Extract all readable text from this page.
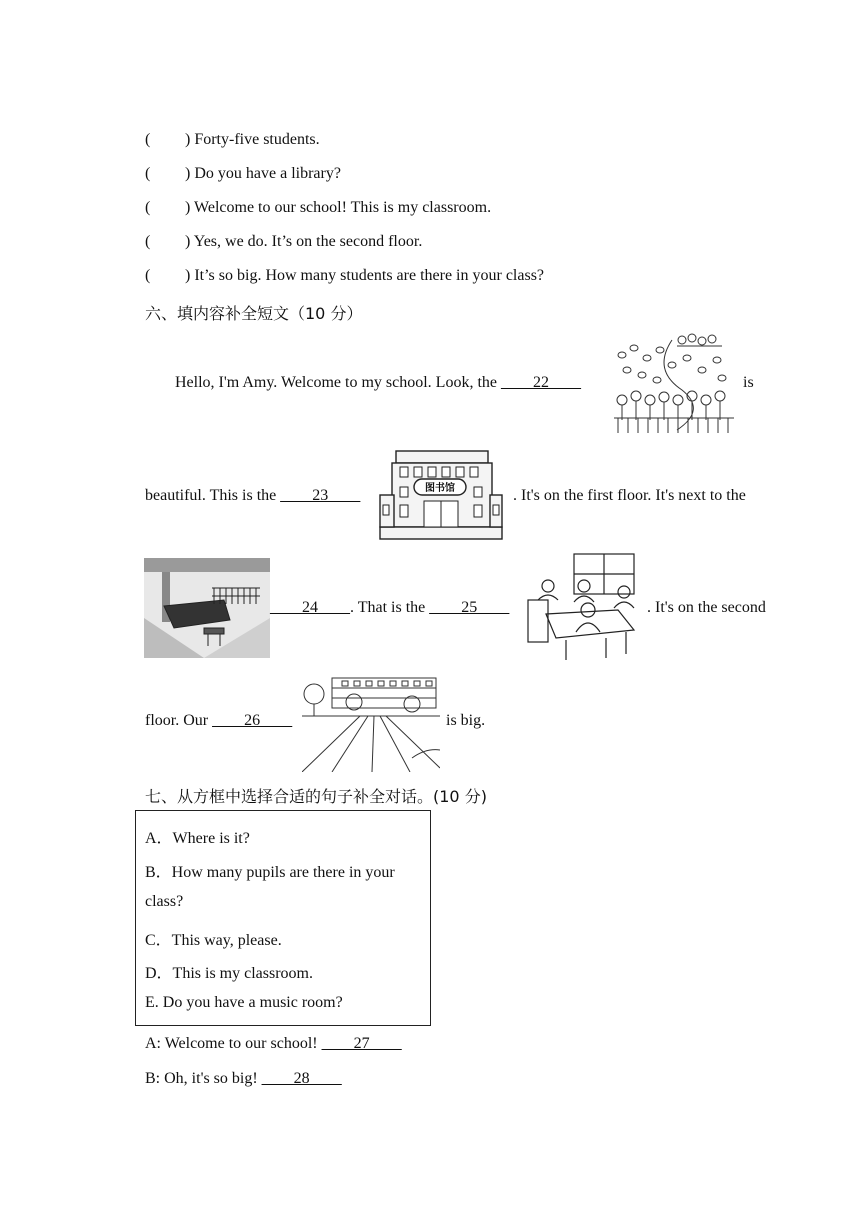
( ) Forty-five students.
( ) Do you have a library?
( ) Welcome to our school! This is my classroom.
( ) Yes, we do. It’s on the second floor.
( ) It’s so big. How many students are there in your class?
六、填内容补全短文（10 分）
Hello, I'm Amy. Welcome to my school. Look, the ____22____	is
beautiful. This is the ____23____	. It's on the first floor. It's next to the
图书馆
____24____. That is the ____25____	. It's on the second
floor. Our ____26____	is big.
七、从方框中选择合适的句子补全对话。(10 分)
A．Where is it?
B．How many pupils are there in your
class?
C．This way, please.
D．This is my classroom.
E. Do you have a music room?
A: Welcome to our school! ____27____
B: Oh, it's so big! ____28____
